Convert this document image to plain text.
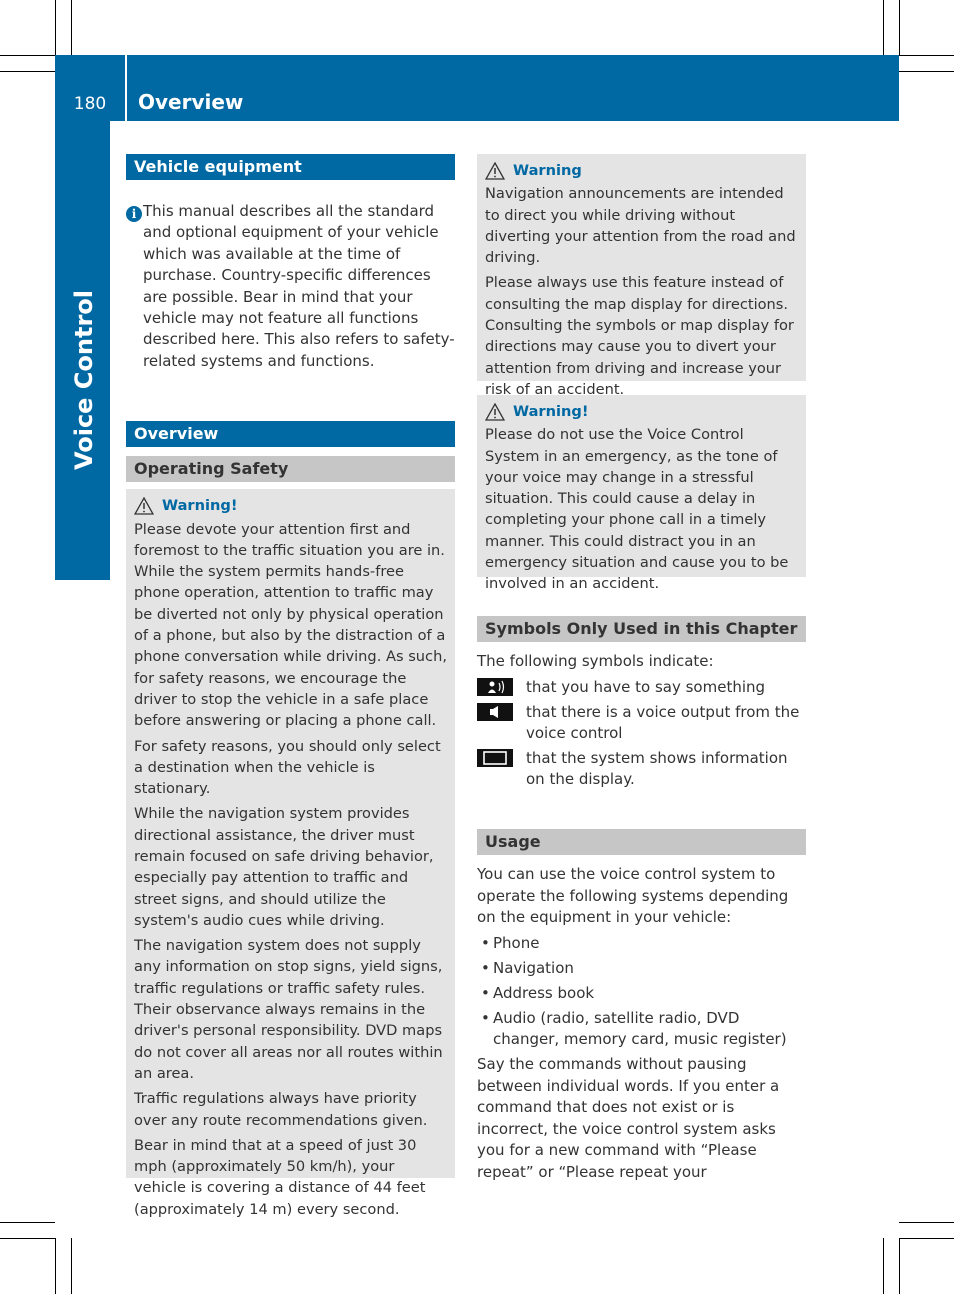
180	Overview
Voice Control
Vehicle equipment
i This manual describes all the standard and optional equipment of your vehicle which was available at the time of purchase. Country-specific differences are possible. Bear in mind that your vehicle may not feature all functions described here. This also refers to safety-related systems and functions.

Overview
Operating Safety
Warning!

Please devote your attention first and foremost to the traffic situation you are in. While the system permits hands-free phone operation, attention to traffic may be diverted not only by physical operation of a phone, but also by the distraction of a phone conversation while driving. As such, for safety reasons, we encourage the driver to stop the vehicle in a safe place before answering or placing a phone call.

For safety reasons, you should only select a destination when the vehicle is stationary.

While the navigation system provides directional assistance, the driver must remain focused on safe driving behavior, especially pay attention to traffic and street signs, and should utilize the system's audio cues while driving.

The navigation system does not supply any information on stop signs, yield signs, traffic regulations or traffic safety rules. Their observance always remains in the driver's personal responsibility. DVD maps do not cover all areas nor all routes within an area.

Traffic regulations always have priority over any route recommendations given.

Bear in mind that at a speed of just 30 mph (approximately 50 km/h), your vehicle is covering a distance of 44 feet (approximately 14 m) every second.

Warning

Navigation announcements are intended to direct you while driving without diverting your attention from the road and driving.

Please always use this feature instead of consulting the map display for directions. Consulting the symbols or map display for directions may cause you to divert your attention from driving and increase your risk of an accident.

Warning!

Please do not use the Voice Control System in an emergency, as the tone of your voice may change in a stressful situation. This could cause a delay in completing your phone call in a timely manner. This could distract you in an emergency situation and cause you to be involved in an accident.

Symbols Only Used in this Chapter

The following symbols indicate:

that you have to say something
that there is a voice output from the voice control
that the system shows information on the display.
Usage

You can use the voice control system to operate the following systems depending on the equipment in your vehicle:

• Phone
• Navigation
• Address book
• Audio (radio, satellite radio, DVD changer, memory card, music register)

Say the commands without pausing between individual words. If you enter a command that does not exist or is incorrect, the voice control system asks you for a new command with “Please repeat” or “Please repeat your
